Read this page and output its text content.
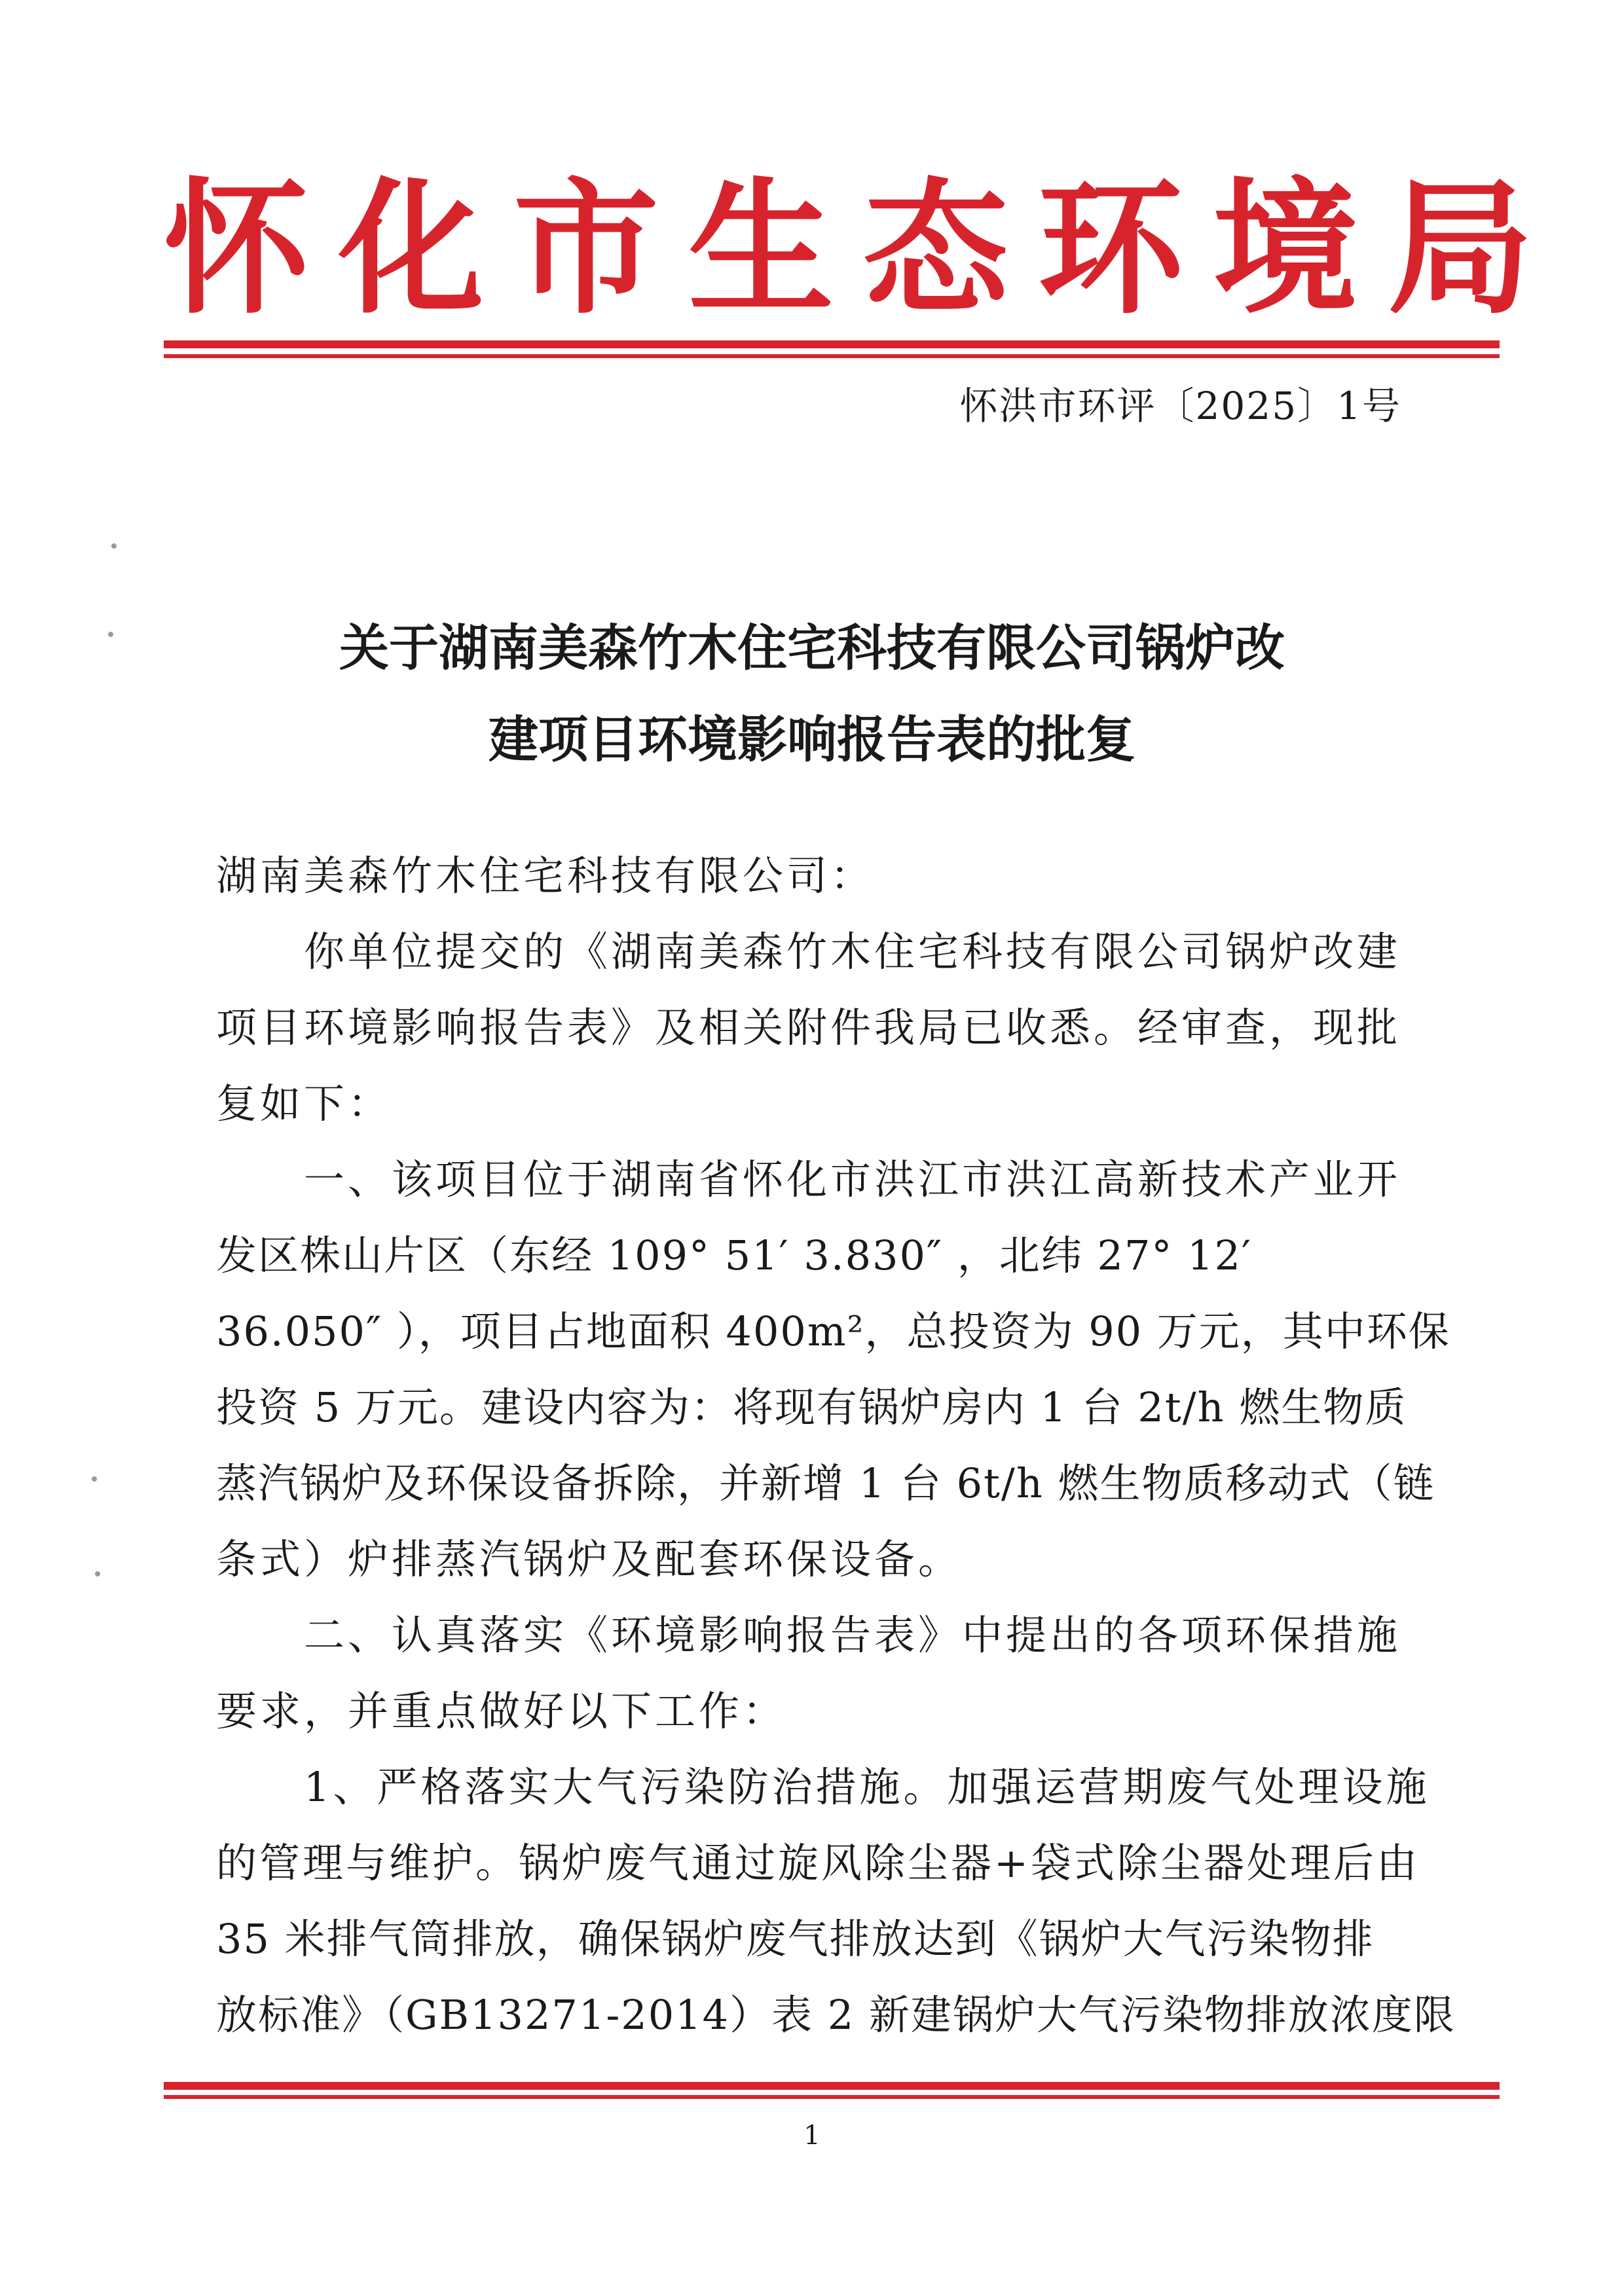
怀化市生态环境局
怀洪市环评〔2025〕1号
关于湖南美森竹木住宅科技有限公司锅炉改
建项目环境影响报告表的批复
湖南美森竹木住宅科技有限公司：
　　你单位提交的《湖南美森竹木住宅科技有限公司锅炉改建
项目环境影响报告表》及相关附件我局已收悉。经审查，现批
复如下：
　　一、该项目位于湖南省怀化市洪江市洪江高新技术产业开
发区株山片区（东经 109° 51′ 3.830″ ，北纬 27° 12′
36.050″ ），项目占地面积 400m²，总投资为 90 万元，其中环保
投资 5 万元。建设内容为：将现有锅炉房内 1 台 2t/h 燃生物质
蒸汽锅炉及环保设备拆除，并新增 1 台 6t/h 燃生物质移动式（链
条式）炉排蒸汽锅炉及配套环保设备。
　　二、认真落实《环境影响报告表》中提出的各项环保措施
要求，并重点做好以下工作：
　　1、严格落实大气污染防治措施。加强运营期废气处理设施
的管理与维护。锅炉废气通过旋风除尘器+袋式除尘器处理后由
35 米排气筒排放，确保锅炉废气排放达到《锅炉大气污染物排
放标准》（GB13271-2014）表 2 新建锅炉大气污染物排放浓度限
1
